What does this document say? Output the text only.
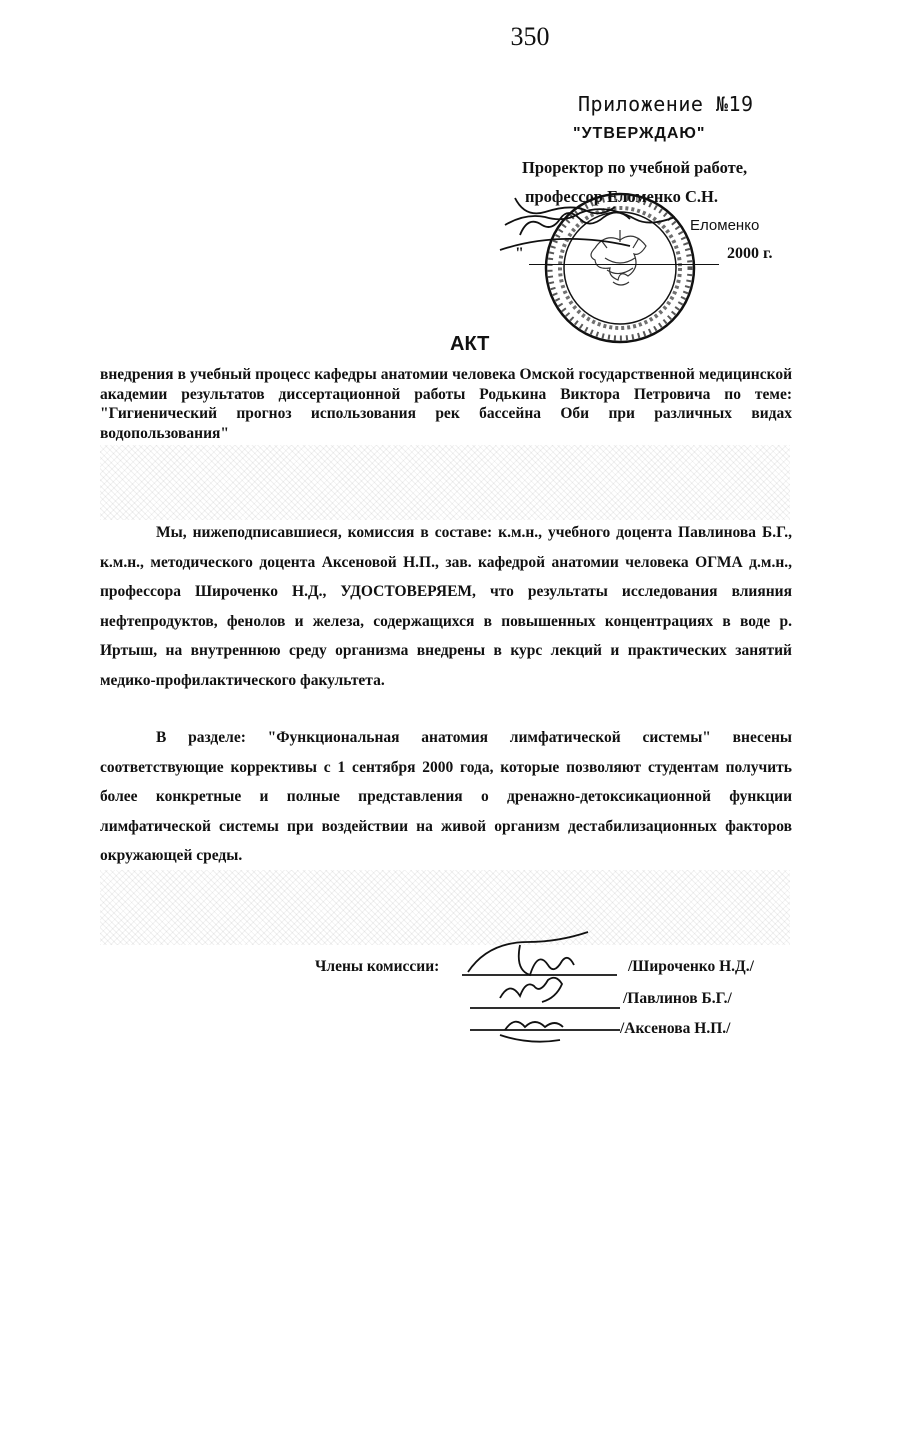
350
Приложение №19
"УТВЕРЖДАЮ"
Проректор по учебной работе,
профессор Еломенко С.Н.
Еломенко
"	2000 г.
АКТ
внедрения в учебный процесс кафедры анатомии человека Омской государственной медицинской академии результатов диссертационной работы Родькина Виктора Петровича по теме: "Гигиенический прогноз использования рек бассейна Оби при различных видах водопользования"
Мы, нижеподписавшиеся, комиссия в составе: к.м.н., учебного доцента Павлинова Б.Г., к.м.н., методического доцента Аксеновой Н.П., зав. кафедрой анатомии человека ОГМА д.м.н., профессора Широченко Н.Д., УДОСТОВЕРЯЕМ, что результаты исследования влияния нефтепродуктов, фенолов и железа, содержащихся в повышенных концентрациях в воде р. Иртыш, на внутреннюю среду организма внедрены в курс лекций и практических занятий медико-профилактического факультета.
В разделе: "Функциональная анатомия лимфатической системы" внесены соответствующие коррективы с 1 сентября 2000 года, которые позволяют студентам получить более конкретные и полные представления о дренажно-детоксикационной функции лимфатической системы при воздействии на живой организм дестабилизационных факторов окружающей среды.
Члены комиссии:	/Широченко Н.Д./
/Павлинов Б.Г./
/Аксенова Н.П./
